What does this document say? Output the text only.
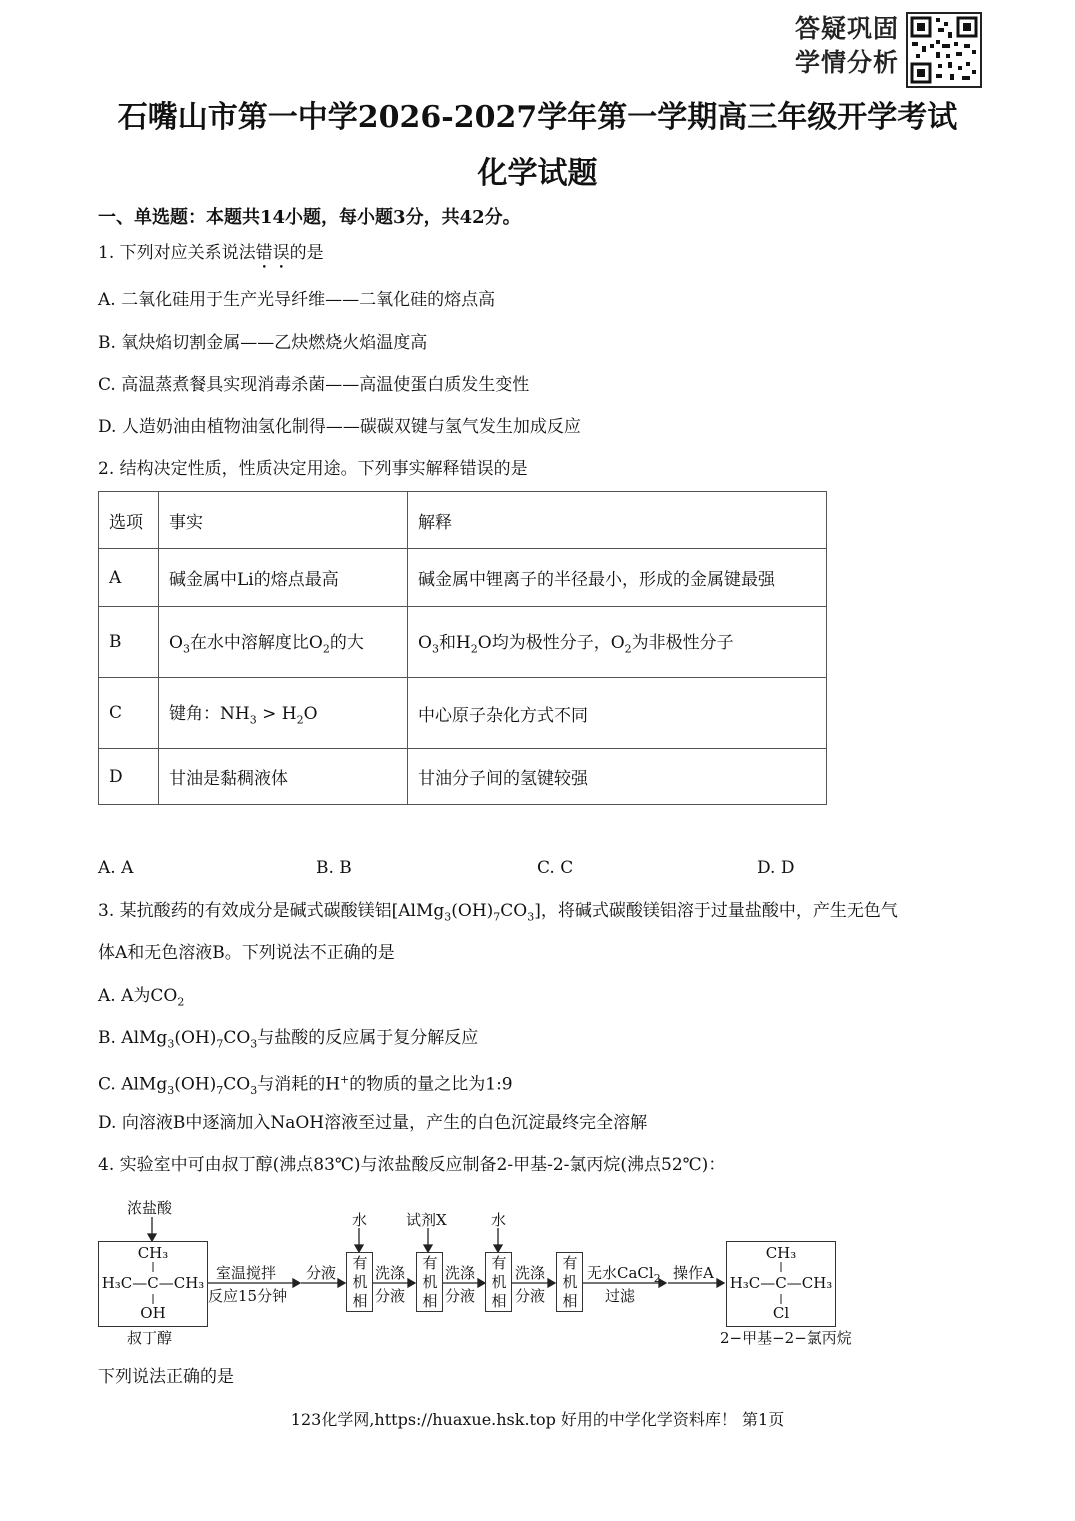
答疑巩固
学情分析
石嘴山市第一中学2026-2027学年第一学期高三年级开学考试
化学试题
一、单选题：本题共14小题，每小题3分，共42分。
1. 下列对应关系说法错误的是
A. 二氧化硅用于生产光导纤维——二氧化硅的熔点高
B. 氧炔焰切割金属——乙炔燃烧火焰温度高
C. 高温蒸煮餐具实现消毒杀菌——高温使蛋白质发生变性
D. 人造奶油由植物油氢化制得——碳碳双键与氢气发生加成反应
2. 结构决定性质，性质决定用途。下列事实解释错误的是
选项	事实	解释
A	碱金属中Li的熔点最高	碱金属中锂离子的半径最小，形成的金属键最强
B	$O_3$在水中溶解度比$O_2$的大	$O_3$和$H_2O$均为极性分子，$O_2$为非极性分子
C	键角：$NH_3 > H_2O$	中心原子杂化方式不同
D	甘油是黏稠液体	甘油分子间的氢键较强
A. A	B. B	C. C	D. D
3. 某抗酸药的有效成分是碱式碳酸镁铝$[AlMg_3(OH)_7CO_3]$，将碱式碳酸镁铝溶于过量盐酸中，产生无色气
体A和无色溶液B。下列说法不正确的是
A. A为$CO_2$
B. $AlMg_3(OH)_7CO_3$与盐酸的反应属于复分解反应
C. $AlMg_3(OH)_7CO_3$与消耗的H+的物质的量之比为1:9
D. 向溶液B中逐滴加入NaOH溶液至过量，产生的白色沉淀最终完全溶解
4. 实验室中可由叔丁醇(沸点83℃)与浓盐酸反应制备2-甲基-2-氯丙烷(沸点52℃)：
浓盐酸
CH₃
H₃C—C—CH₃
OH
叔丁醇
室温搅拌
反应15分钟
分液
水	试剂X	水
有机相
有机相
有机相
有机相
洗涤
分液
洗涤
分液
洗涤
分液
无水CaCl$_2$
过滤
操作A
CH₃
H₃C—C—CH₃
Cl
2−甲基−2−氯丙烷
下列说法正确的是
123化学网,https://huaxue.hsk.top 好用的中学化学资料库！ 第1页
